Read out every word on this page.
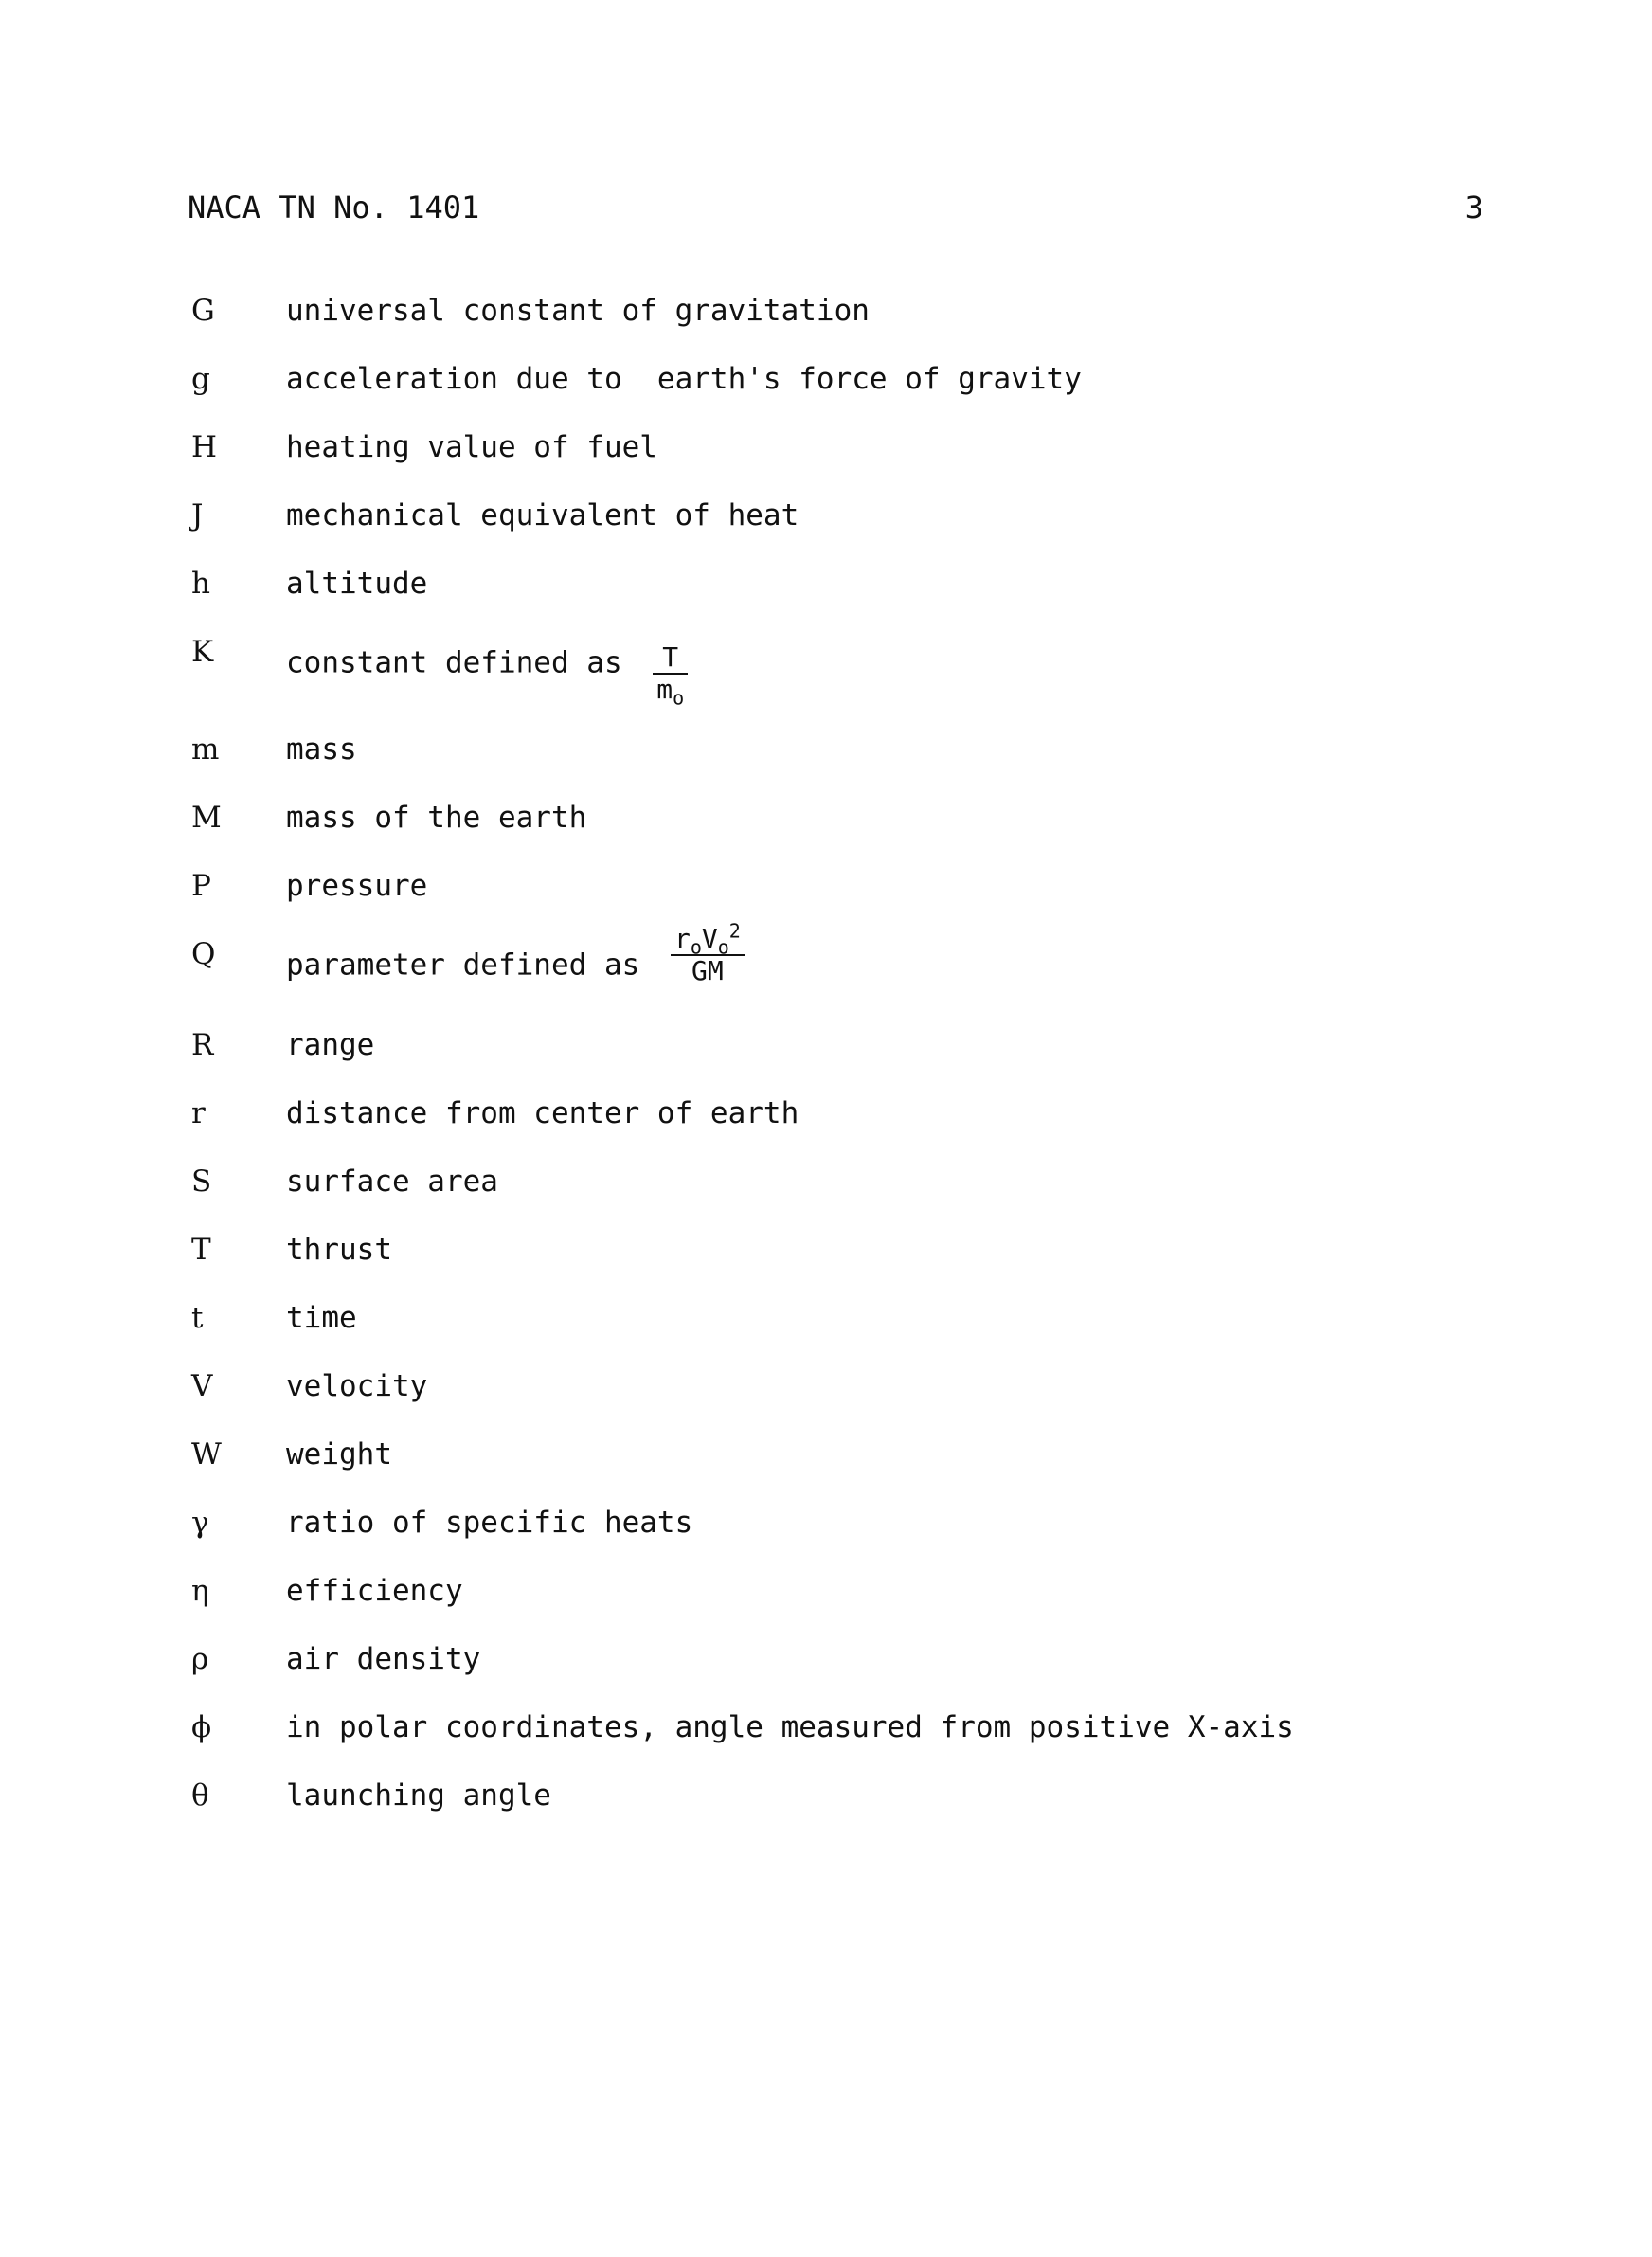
NACA TN No. 1401	3
G	universal constant of gravitation
g	acceleration due to  earth's force of gravity
H	heating value of fuel
J	mechanical equivalent of heat
h	altitude
K	constant defined as $\frac{T}{m_o}$
m	mass
M	mass of the earth
P	pressure
Q	parameter defined as $\frac{r_oV_o^2}{GM}$
R	range
r	distance from center of earth
S	surface area
T	thrust
t	time
V	velocity
W	weight
γ	ratio of specific heats
η	efficiency
ρ	air density
ϕ	in polar coordinates, angle measured from positive X-axis
θ	launching angle
